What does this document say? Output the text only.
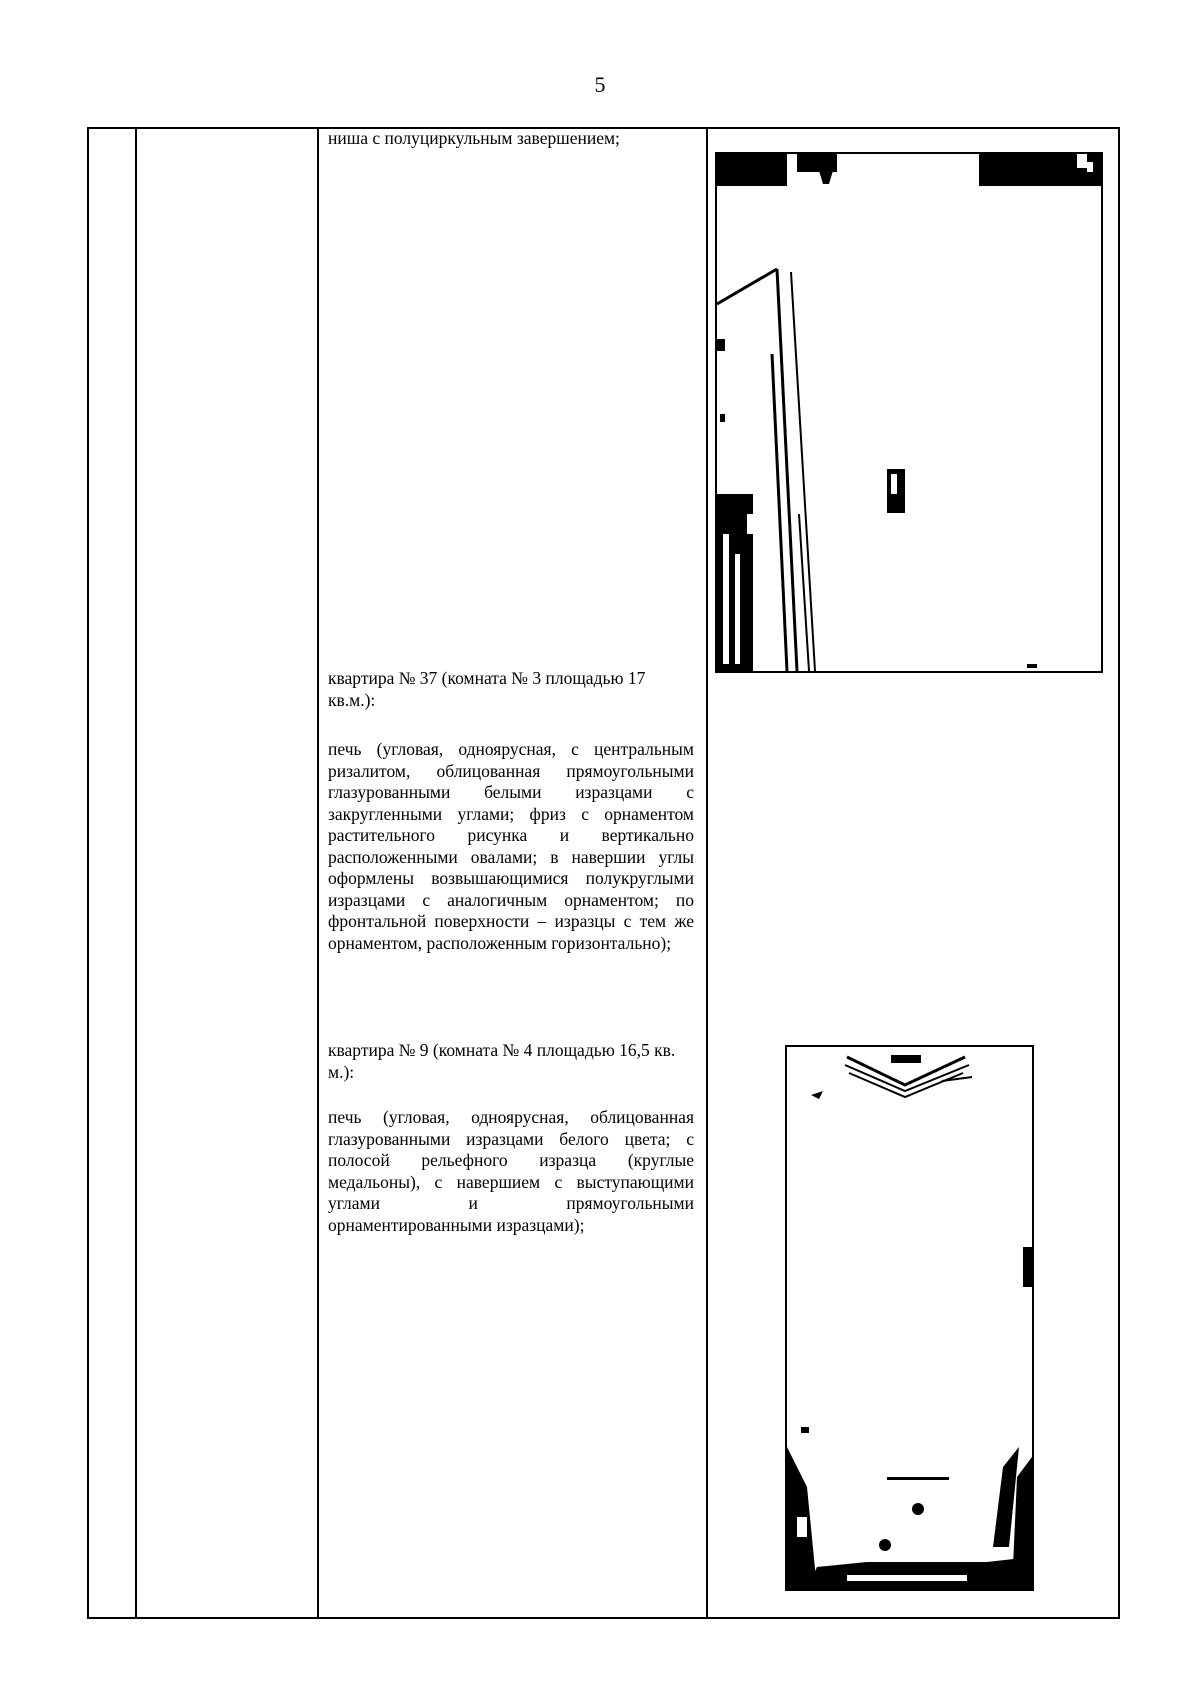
5
ниша с полуциркульным завершением;
квартира № 37 (комната № 3 площадью 17 кв.м.):
печь (угловая, одноярусная, с центральным ризалитом, облицованная прямоугольными глазурованными белыми изразцами с закругленными углами; фриз с орнаментом растительного рисунка и вертикально расположенными овалами; в навершии углы оформлены возвышающимися полукруглыми изразцами с аналогичным орнаментом; по фронтальной поверхности – изразцы с тем же орнаментом, расположенным горизонтально);
квартира № 9 (комната № 4 площадью 16,5 кв. м.):
печь (угловая, одноярусная, облицованная глазурованными изразцами белого цвета; с полосой рельефного изразца (круглые медальоны), с навершием с выступающими углами и прямоугольными орнаментированными изразцами);
